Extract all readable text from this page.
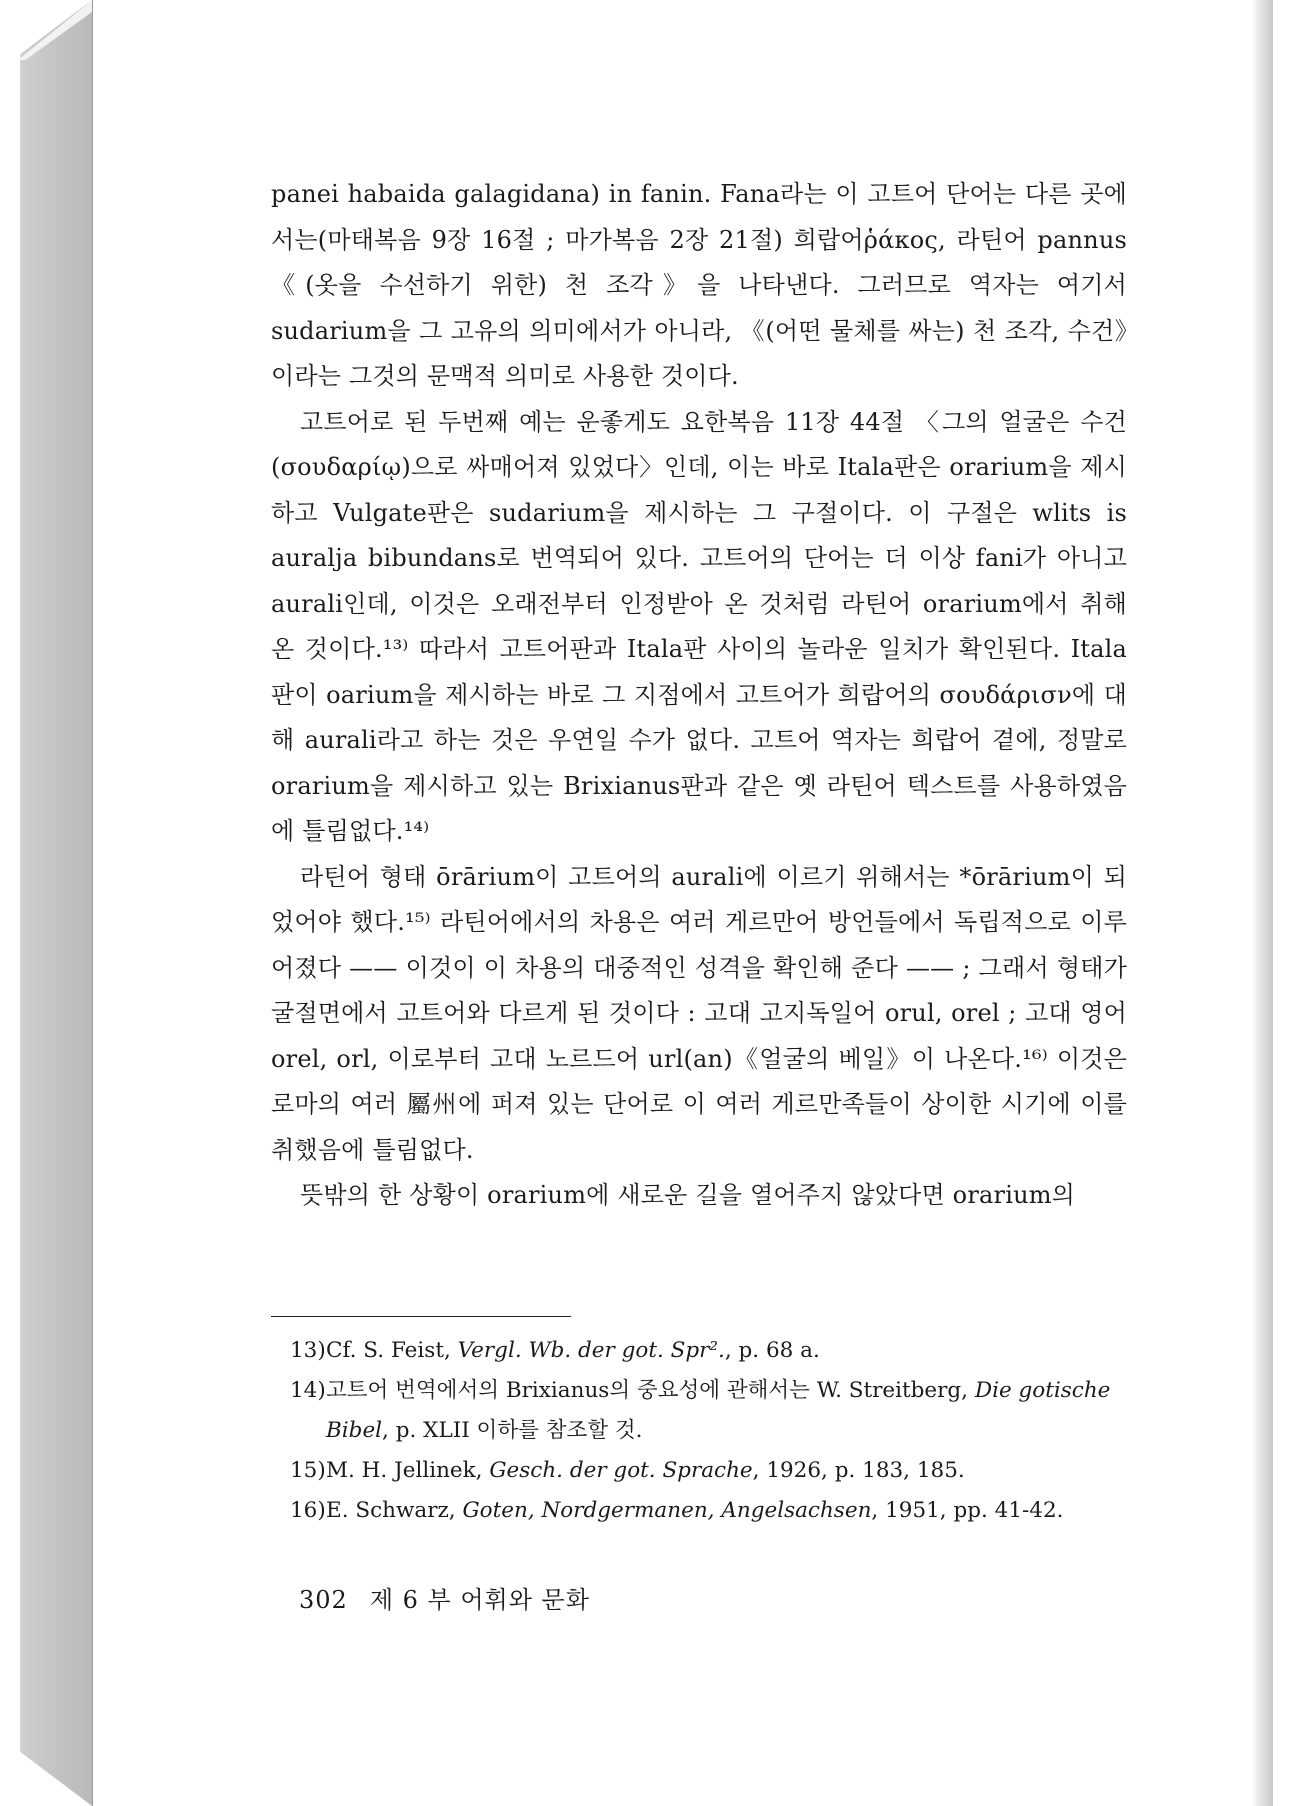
panei habaida galagidana) in fanin. Fana라는 이 고트어 단어는 다른 곳에서는(마태복음 9장 16절 ; 마가복음 2장 21절) 희랍어ῥάκος, 라틴어 pannus 《(옷을 수선하기 위한) 천 조각》을 나타낸다. 그러므로 역자는 여기서 sudarium을 그 고유의 의미에서가 아니라, 《(어떤 물체를 싸는) 천 조각, 수건》이라는 그것의 문맥적 의미로 사용한 것이다.

고트어로 된 두번째 예는 운좋게도 요한복음 11장 44절 〈그의 얼굴은 수건(σουδαρίῳ)으로 싸매어져 있었다〉인데, 이는 바로 Itala판은 orarium을 제시하고 Vulgate판은 sudarium을 제시하는 그 구절이다. 이 구절은 wlits is auralja bibundans로 번역되어 있다. 고트어의 단어는 더 이상 fani가 아니고 aurali인데, 이것은 오래전부터 인정받아 온 것처럼 라틴어 orarium에서 취해 온 것이다.¹³⁾ 따라서 고트어판과 Itala판 사이의 놀라운 일치가 확인된다. Itala판이 oarium을 제시하는 바로 그 지점에서 고트어가 희랍어의 σουδάρισν에 대해 aurali라고 하는 것은 우연일 수가 없다. 고트어 역자는 희랍어 곁에, 정말로 orarium을 제시하고 있는 Brixianus판과 같은 옛 라틴어 텍스트를 사용하였음에 틀림없다.¹⁴⁾

라틴어 형태 ōrārium이 고트어의 aurali에 이르기 위해서는 *ōrārium이 되었어야 했다.¹⁵⁾ 라틴어에서의 차용은 여러 게르만어 방언들에서 독립적으로 이루어졌다 —— 이것이 이 차용의 대중적인 성격을 확인해 준다 —— ; 그래서 형태가 굴절면에서 고트어와 다르게 된 것이다 : 고대 고지독일어 orul, orel ; 고대 영어 orel, orl, 이로부터 고대 노르드어 url(an)《얼굴의 베일》이 나온다.¹⁶⁾ 이것은 로마의 여러 屬州에 퍼져 있는 단어로 이 여러 게르만족들이 상이한 시기에 이를 취했음에 틀림없다.

뜻밖의 한 상황이 orarium에 새로운 길을 열어주지 않았다면 orarium의

13)Cf. S. Feist, Vergl. Wb. der got. Spr²., p. 68 a.

14)고트어 번역에서의 Brixianus의 중요성에 관해서는 W. Streitberg, Die gotische Bibel, p. XLII 이하를 참조할 것.

15)M. H. Jellinek, Gesch. der got. Sprache, 1926, p. 183, 185.

16)E. Schwarz, Goten, Nordgermanen, Angelsachsen, 1951, pp. 41-42.

302 제 6 부 어휘와 문화
